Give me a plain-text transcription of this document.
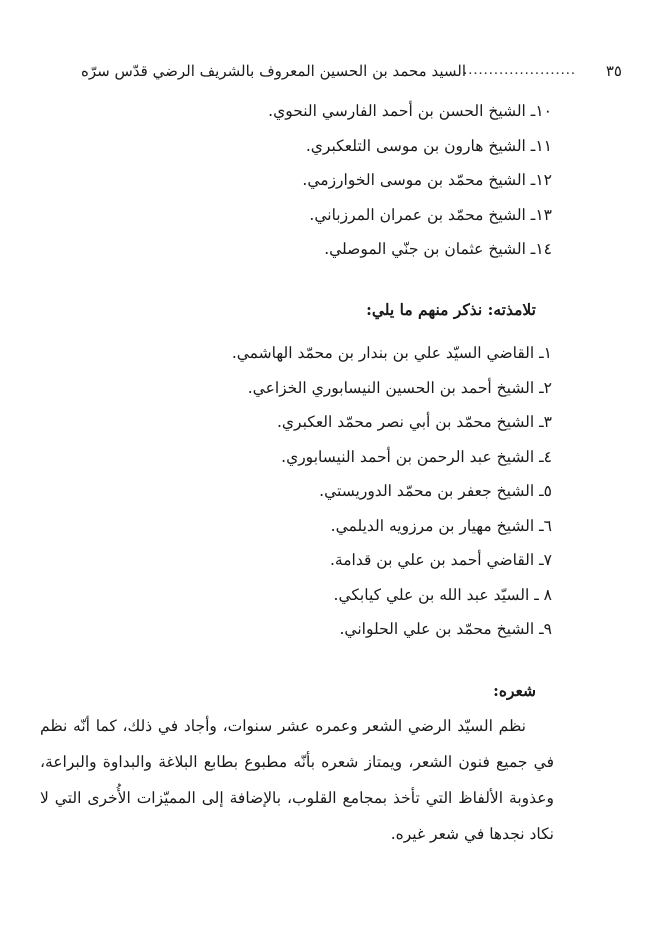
٣٥
......................
السيد محمد بن الحسين المعروف بالشريف الرضي قدّس سرّه
١٠ـ الشيخ الحسن بن أحمد الفارسي النحوي.
١١ـ الشيخ هارون بن موسى التلعكبري.
١٢ـ الشيخ محمّد بن موسى الخوارزمي.
١٣ـ الشيخ محمّد بن عمران المرزباني.
١٤ـ الشيخ عثمان بن جنّي الموصلي.
تلامذته: نذكر منهم ما يلي:
١ـ القاضي السيّد علي بن بندار بن محمّد الهاشمي.
٢ـ الشيخ أحمد بن الحسين النيسابوري الخزاعي.
٣ـ الشيخ محمّد بن أبي نصر محمّد العكبري.
٤ـ الشيخ عبد الرحمن بن أحمد النيسابوري.
٥ـ الشيخ جعفر بن محمّد الدوريستي.
٦ـ الشيخ مهيار بن مرزويه الديلمي.
٧ـ القاضي أحمد بن علي بن قدامة.
٨ ـ السيّد عبد الله بن علي كيابكي.
٩ـ الشيخ محمّد بن علي الحلواني.
شعره:

نظم السيّد الرضي الشعر وعمره عشر سنوات، وأجاد في ذلك، كما أنّه نظم في جميع فنون الشعر، ويمتاز شعره بأنّه مطبوع بطابع البلاغة والبداوة والبراعة، وعذوبة الألفاظ التي تأخذ بمجامع القلوب، بالإضافة إلى المميّزات الأُخرى التي لا نكاد نجدها في شعر غيره.
